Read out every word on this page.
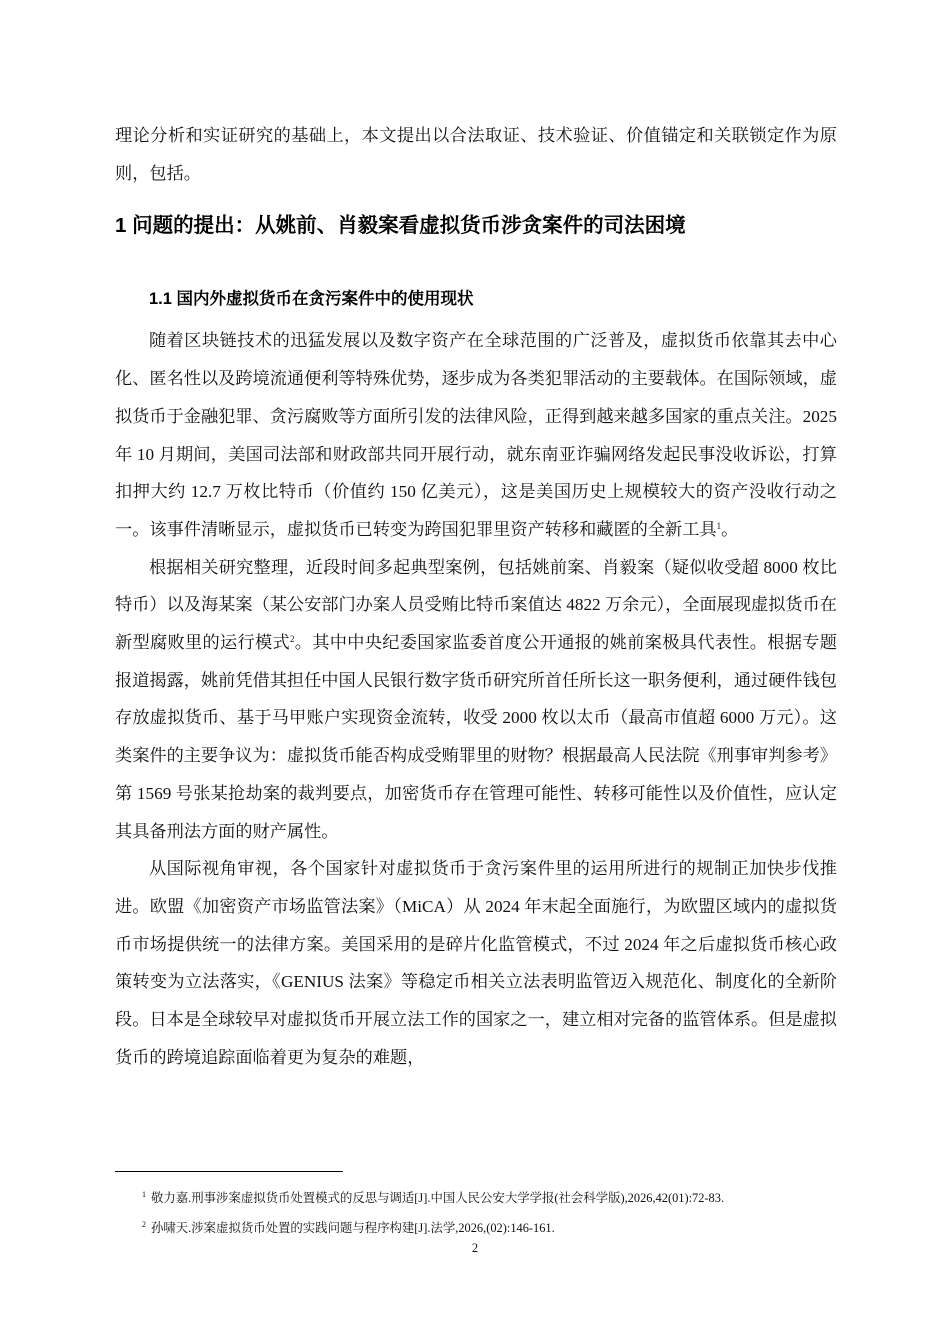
理论分析和实证研究的基础上，本文提出以合法取证、技术验证、价值锚定和关联锁定作为原则，包括。

1 问题的提出：从姚前、肖毅案看虚拟货币涉贪案件的司法困境
1.1 国内外虚拟货币在贪污案件中的使用现状

随着区块链技术的迅猛发展以及数字资产在全球范围的广泛普及，虚拟货币依靠其去中心化、匿名性以及跨境流通便利等特殊优势，逐步成为各类犯罪活动的主要载体。在国际领域，虚拟货币于金融犯罪、贪污腐败等方面所引发的法律风险，正得到越来越多国家的重点关注。2025 年 10 月期间，美国司法部和财政部共同开展行动，就东南亚诈骗网络发起民事没收诉讼，打算扣押大约 12.7 万枚比特币（价值约 150 亿美元），这是美国历史上规模较大的资产没收行动之一。该事件清晰显示，虚拟货币已转变为跨国犯罪里资产转移和藏匿的全新工具$^1$。

根据相关研究整理，近段时间多起典型案例，包括姚前案、肖毅案（疑似收受超 8000 枚比特币）以及海某案（某公安部门办案人员受贿比特币案值达 4822 万余元），全面展现虚拟货币在新型腐败里的运行模式$^2$。其中中央纪委国家监委首度公开通报的姚前案极具代表性。根据专题报道揭露，姚前凭借其担任中国人民银行数字货币研究所首任所长这一职务便利，通过硬件钱包存放虚拟货币、基于马甲账户实现资金流转，收受 2000 枚以太币（最高市值超 6000 万元）。这类案件的主要争议为：虚拟货币能否构成受贿罪里的财物？根据最高人民法院《刑事审判参考》第 1569 号张某抢劫案的裁判要点，加密货币存在管理可能性、转移可能性以及价值性，应认定其具备刑法方面的财产属性。

从国际视角审视，各个国家针对虚拟货币于贪污案件里的运用所进行的规制正加快步伐推进。欧盟《加密资产市场监管法案》（MiCA）从 2024 年末起全面施行，为欧盟区域内的虚拟货币市场提供统一的法律方案。美国采用的是碎片化监管模式，不过 2024 年之后虚拟货币核心政策转变为立法落实，《GENIUS 法案》等稳定币相关立法表明监管迈入规范化、制度化的全新阶段。日本是全球较早对虚拟货币开展立法工作的国家之一，建立相对完备的监管体系。但是虚拟货币的跨境追踪面临着更为复杂的难题，

$^1$ 敬力嘉.刑事涉案虚拟货币处置模式的反思与调适[J].中国人民公安大学学报(社会科学版),2026,42(01):72-83.

$^2$ 孙啸天.涉案虚拟货币处置的实践问题与程序构建[J].法学,2026,(02):146-161.

2
